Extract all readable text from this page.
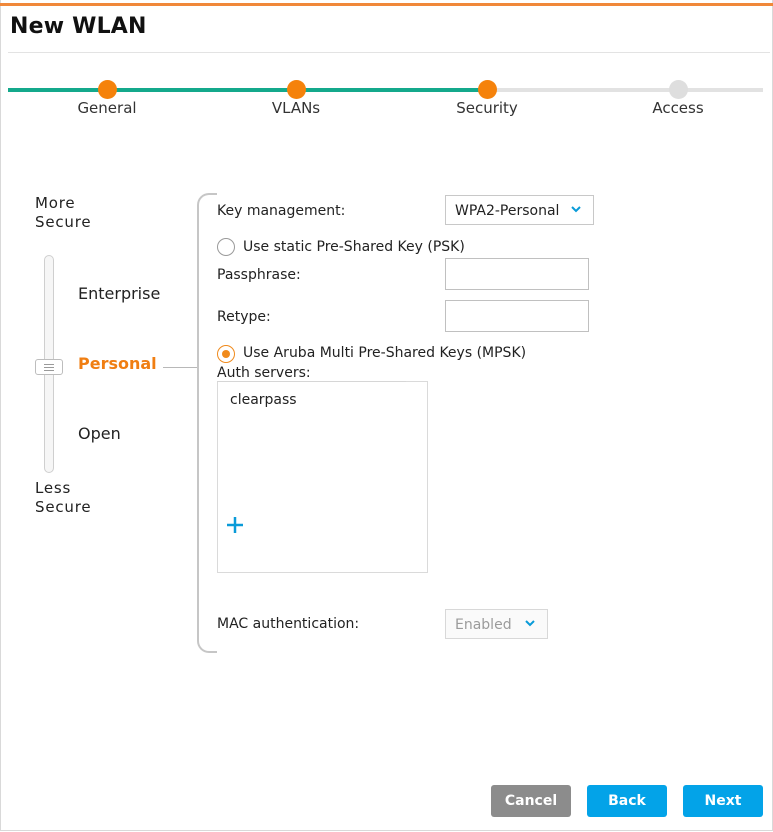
New WLAN
General	VLANs	Security	Access
More
Secure
Less
Secure
Enterprise
Personal
Open
Key management:	WPA2-Personal
Use static Pre-Shared Key (PSK)
Passphrase:
Retype:
Use Aruba Multi Pre-Shared Keys (MPSK)
Auth servers:
clearpass
MAC authentication:	Enabled
Cancel	Back	Next
